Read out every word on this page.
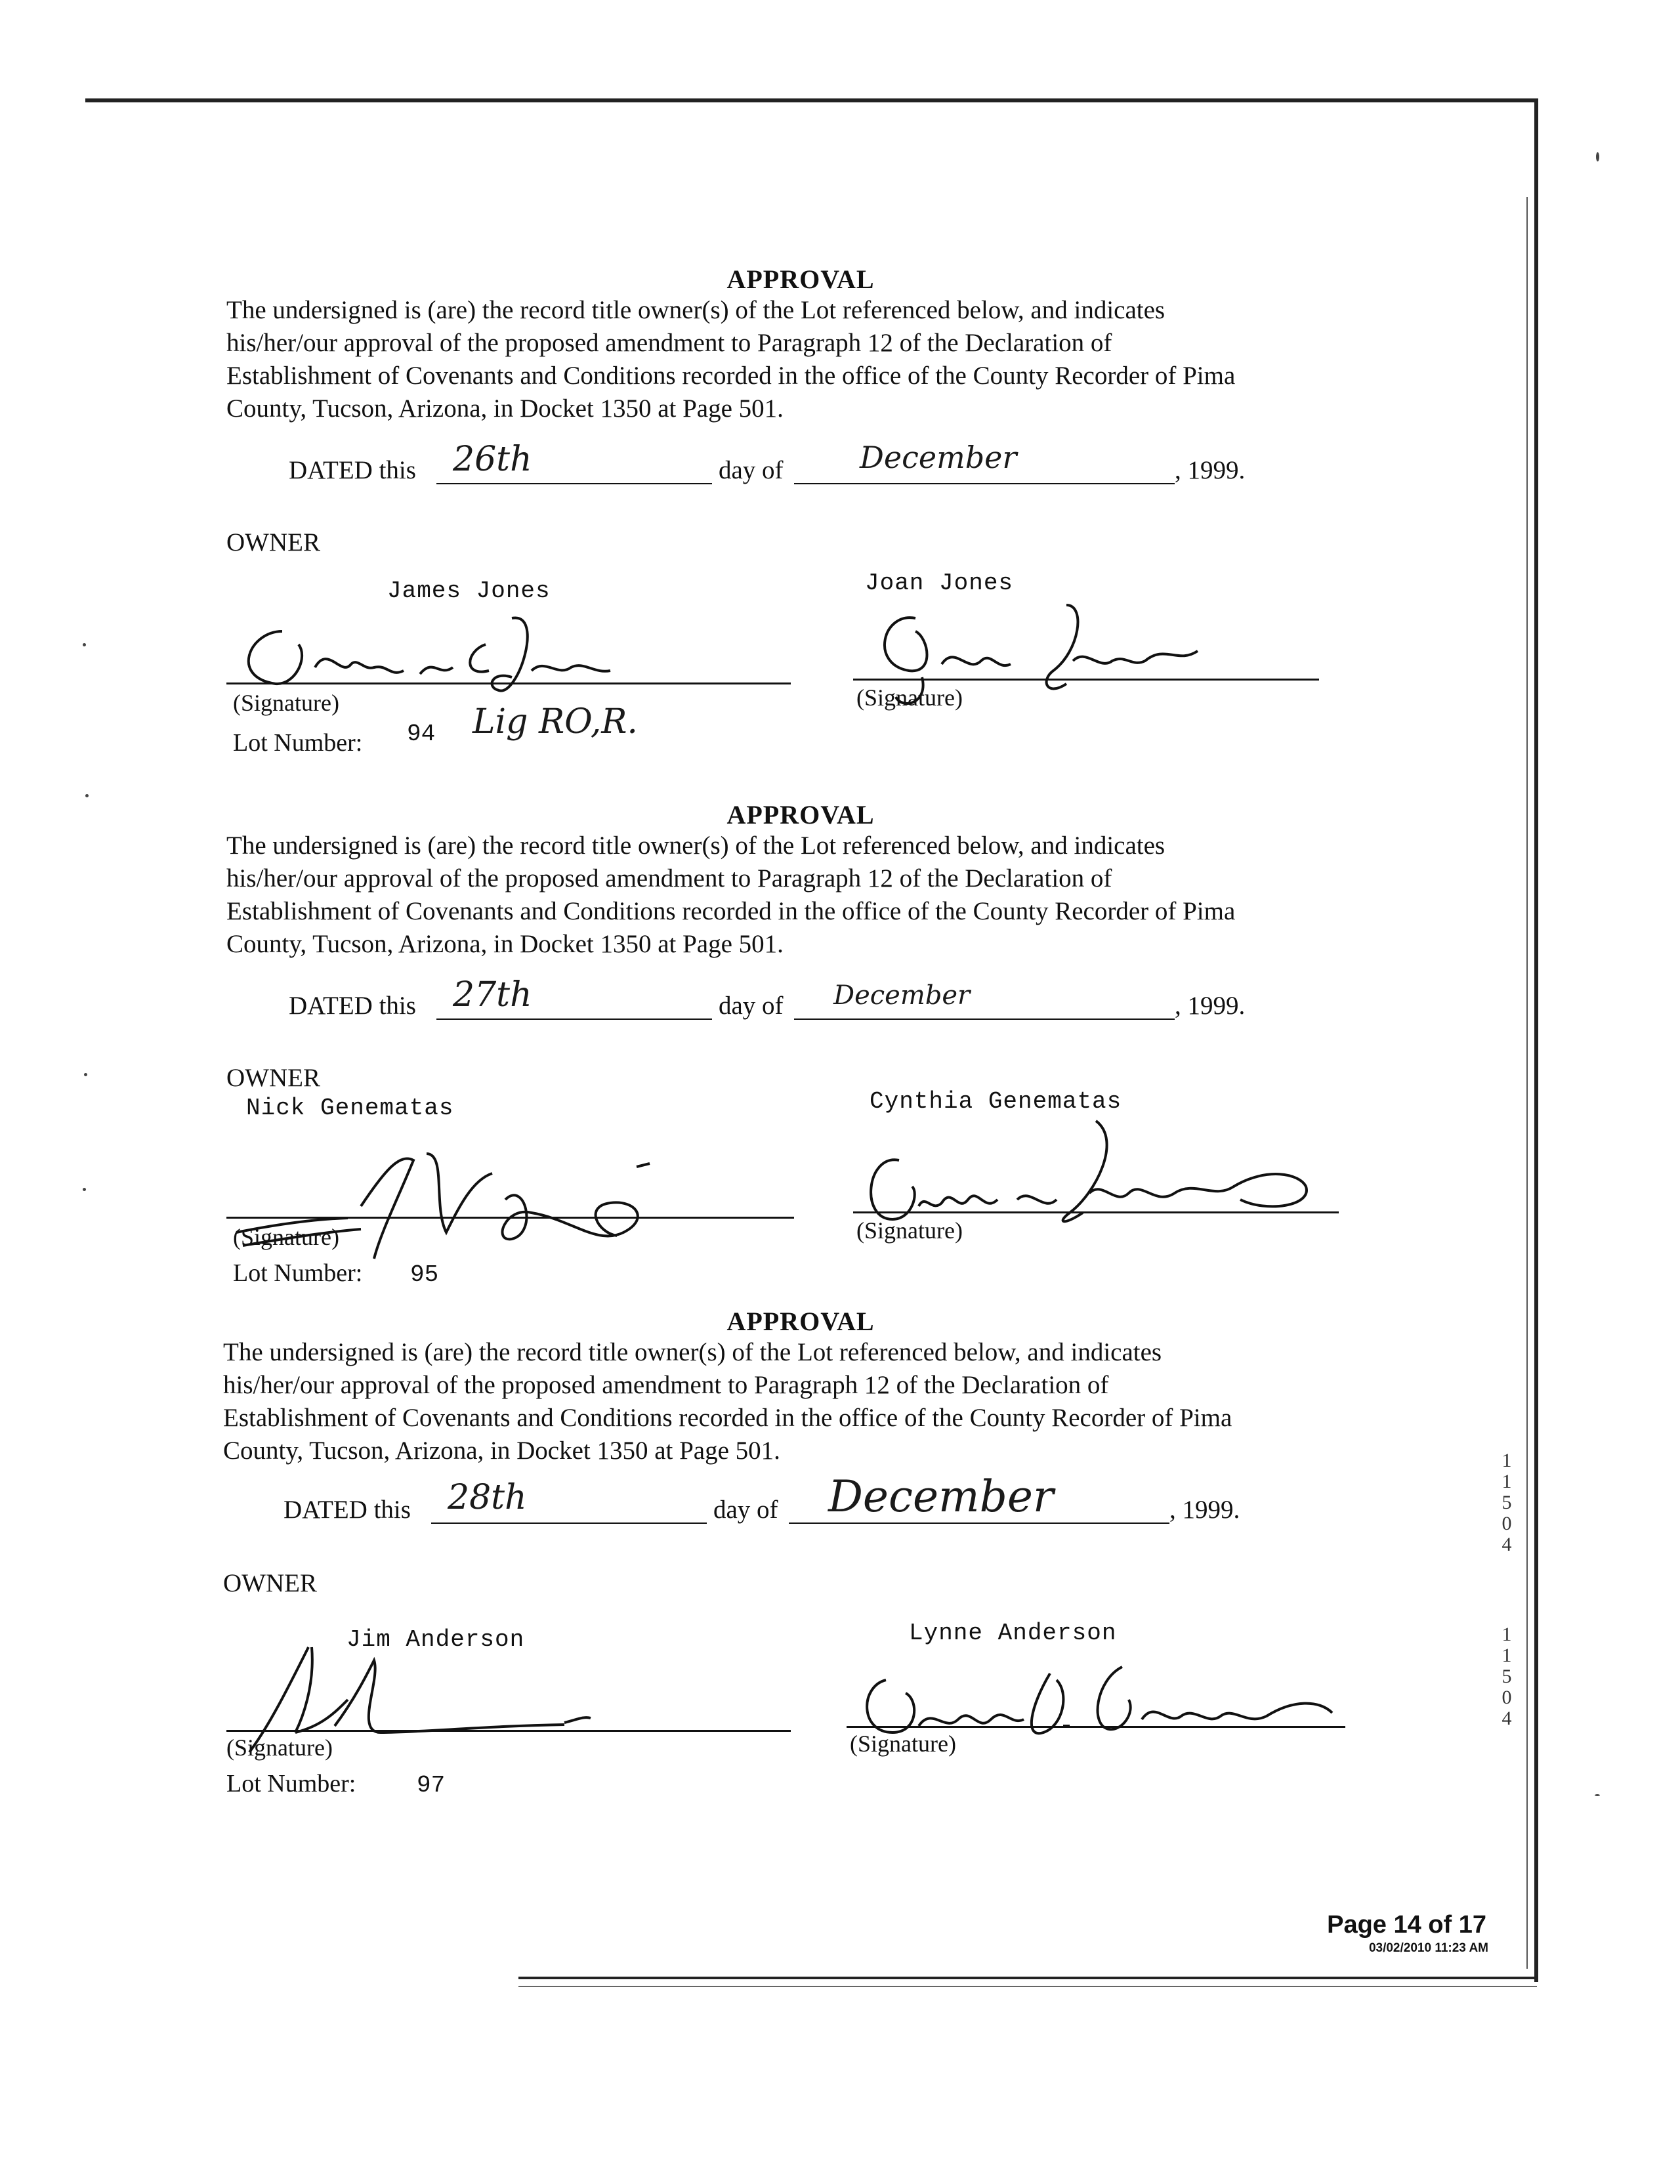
APPROVAL
The undersigned is (are) the record title owner(s) of the Lot referenced below, and indicates
his/her/our approval of the proposed amendment to Paragraph 12 of the Declaration of
Establishment of Covenants and Conditions recorded in the office of the County Recorder of Pima
County, Tucson, Arizona, in Docket 1350 at Page 501.
DATED this 26th	day of	December	, 1999.
OWNER
James Jones	Joan Jones
(Signature)
Lot Number: 94 Lig RO,R.
(Signature)
APPROVAL
The undersigned is (are) the record title owner(s) of the Lot referenced below, and indicates
his/her/our approval of the proposed amendment to Paragraph 12 of the Declaration of
Establishment of Covenants and Conditions recorded in the office of the County Recorder of Pima
County, Tucson, Arizona, in Docket 1350 at Page 501.
DATED this 27th	day of December	, 1999.
OWNER
Nick Genematas	Cynthia Genematas
(Signature)
Lot Number: 95
(Signature)
APPROVAL
The undersigned is (are) the record title owner(s) of the Lot referenced below, and indicates
his/her/our approval of the proposed amendment to Paragraph 12 of the Declaration of
Establishment of Covenants and Conditions recorded in the office of the County Recorder of Pima
County, Tucson, Arizona, in Docket 1350 at Page 501.
DATED this 28th	day of December	, 1999.
OWNER
Jim Anderson	Lynne Anderson
(Signature)
Lot Number:	97
(Signature)
Page 14 of 17
03/02/2010 11:23 AM
1
1
5
0
4
1
1
5
0
4
